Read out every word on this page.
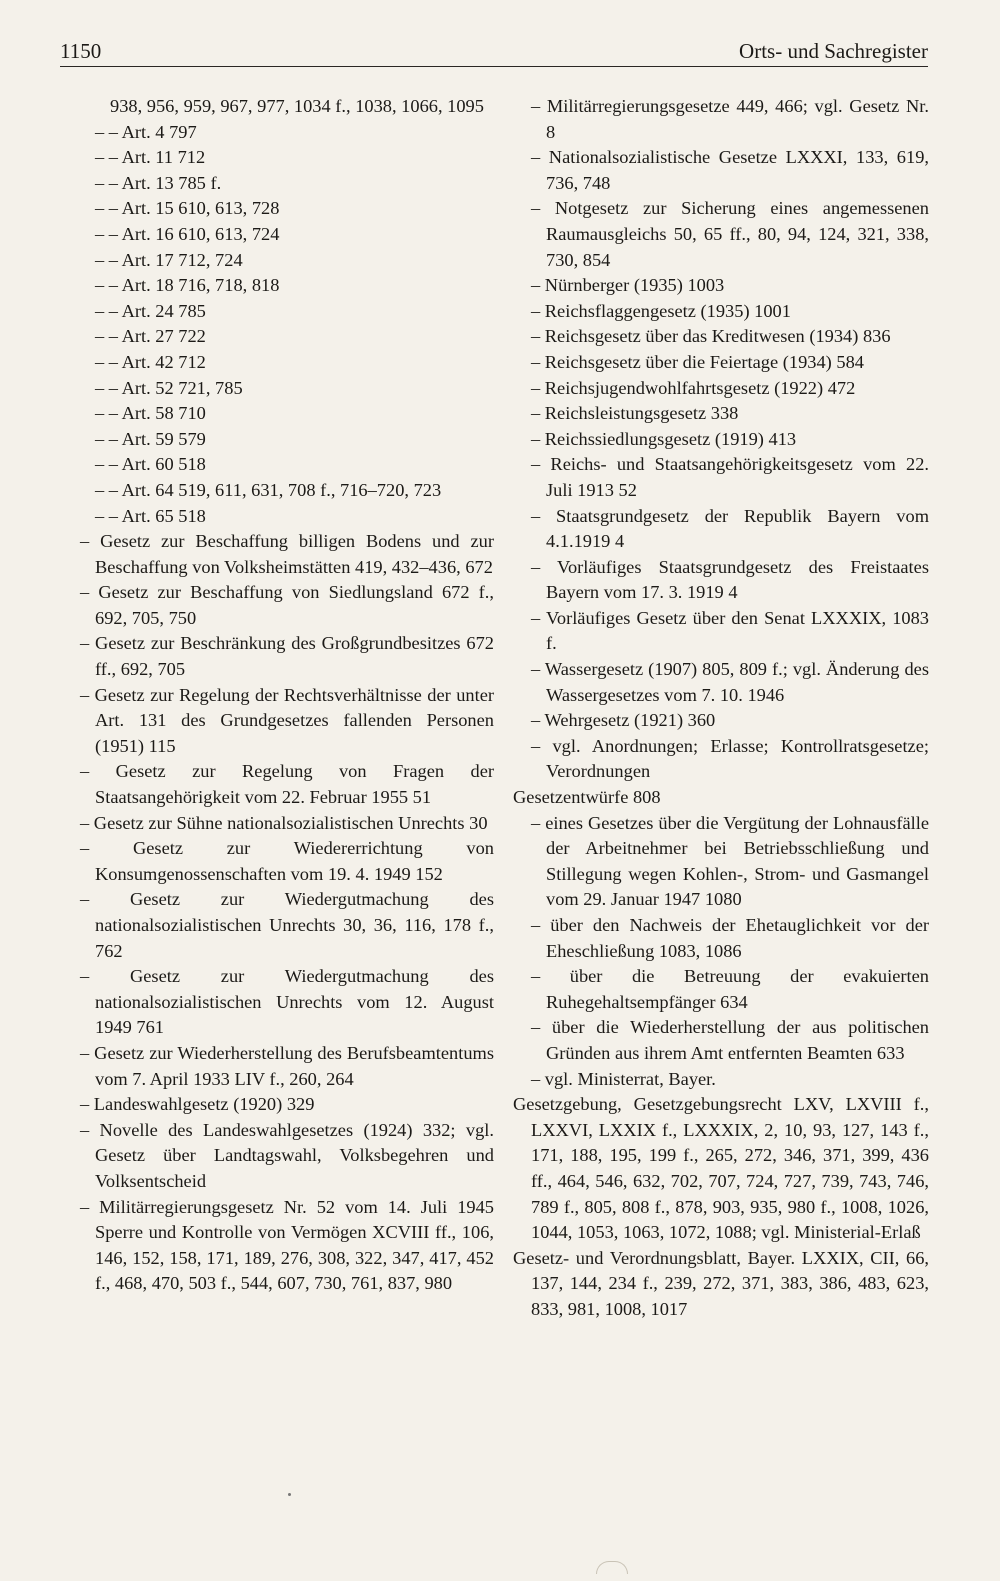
1150	Orts- und Sachregister
938, 956, 959, 967, 977, 1034 f., 1038, 1066, 1095
– – Art. 4 797
– – Art. 11 712
– – Art. 13 785 f.
– – Art. 15 610, 613, 728
– – Art. 16 610, 613, 724
– – Art. 17 712, 724
– – Art. 18 716, 718, 818
– – Art. 24 785
– – Art. 27 722
– – Art. 42 712
– – Art. 52 721, 785
– – Art. 58 710
– – Art. 59 579
– – Art. 60 518
– – Art. 64 519, 611, 631, 708 f., 716–720, 723
– – Art. 65 518
– Gesetz zur Beschaffung billigen Bodens und zur Beschaffung von Volksheimstätten 419, 432–436, 672
– Gesetz zur Beschaffung von Siedlungsland 672 f., 692, 705, 750
– Gesetz zur Beschränkung des Großgrundbesitzes 672 ff., 692, 705
– Gesetz zur Regelung der Rechtsverhältnisse der unter Art. 131 des Grundgesetzes fallenden Personen (1951) 115
– Gesetz zur Regelung von Fragen der Staatsangehörigkeit vom 22. Februar 1955 51
– Gesetz zur Sühne nationalsozialistischen Unrechts 30
– Gesetz zur Wiedererrichtung von Konsumgenossenschaften vom 19. 4. 1949 152
– Gesetz zur Wiedergutmachung des nationalsozialistischen Unrechts 30, 36, 116, 178 f., 762
– Gesetz zur Wiedergutmachung des nationalsozialistischen Unrechts vom 12. August 1949 761
– Gesetz zur Wiederherstellung des Berufsbeamtentums vom 7. April 1933 LIV f., 260, 264
– Landeswahlgesetz (1920) 329
– Novelle des Landeswahlgesetzes (1924) 332; vgl. Gesetz über Landtagswahl, Volksbegehren und Volksentscheid
– Militärregierungsgesetz Nr. 52 vom 14. Juli 1945 Sperre und Kontrolle von Vermögen XCVIII ff., 106, 146, 152, 158, 171, 189, 276, 308, 322, 347, 417, 452 f., 468, 470, 503 f., 544, 607, 730, 761, 837, 980
– Militärregierungsgesetze 449, 466; vgl. Gesetz Nr. 8
– Nationalsozialistische Gesetze LXXXI, 133, 619, 736, 748
– Notgesetz zur Sicherung eines angemessenen Raumausgleichs 50, 65 ff., 80, 94, 124, 321, 338, 730, 854
– Nürnberger (1935) 1003
– Reichsflaggengesetz (1935) 1001
– Reichsgesetz über das Kreditwesen (1934) 836
– Reichsgesetz über die Feiertage (1934) 584
– Reichsjugendwohlfahrtsgesetz (1922) 472
– Reichsleistungsgesetz 338
– Reichssiedlungsgesetz (1919) 413
– Reichs- und Staatsangehörigkeitsgesetz vom 22. Juli 1913 52
– Staatsgrundgesetz der Republik Bayern vom 4.1.1919 4
– Vorläufiges Staatsgrundgesetz des Freistaates Bayern vom 17. 3. 1919 4
– Vorläufiges Gesetz über den Senat LXXXIX, 1083 f.
– Wassergesetz (1907) 805, 809 f.; vgl. Änderung des Wassergesetzes vom 7. 10. 1946
– Wehrgesetz (1921) 360
– vgl. Anordnungen; Erlasse; Kontrollratsgesetze; Verordnungen
Gesetzentwürfe 808
– eines Gesetzes über die Vergütung der Lohnausfälle der Arbeitnehmer bei Betriebsschließung und Stillegung wegen Kohlen-, Strom- und Gasmangel vom 29. Januar 1947 1080
– über den Nachweis der Ehetauglichkeit vor der Eheschließung 1083, 1086
– über die Betreuung der evakuierten Ruhegehaltsempfänger 634
– über die Wiederherstellung der aus politischen Gründen aus ihrem Amt entfernten Beamten 633
– vgl. Ministerrat, Bayer.
Gesetzgebung, Gesetzgebungsrecht LXV, LXVIII f., LXXVI, LXXIX f., LXXXIX, 2, 10, 93, 127, 143 f., 171, 188, 195, 199 f., 265, 272, 346, 371, 399, 436 ff., 464, 546, 632, 702, 707, 724, 727, 739, 743, 746, 789 f., 805, 808 f., 878, 903, 935, 980 f., 1008, 1026, 1044, 1053, 1063, 1072, 1088; vgl. Ministerial-Erlaß
Gesetz- und Verordnungsblatt, Bayer. LXXIX, CII, 66, 137, 144, 234 f., 239, 272, 371, 383, 386, 483, 623, 833, 981, 1008, 1017
